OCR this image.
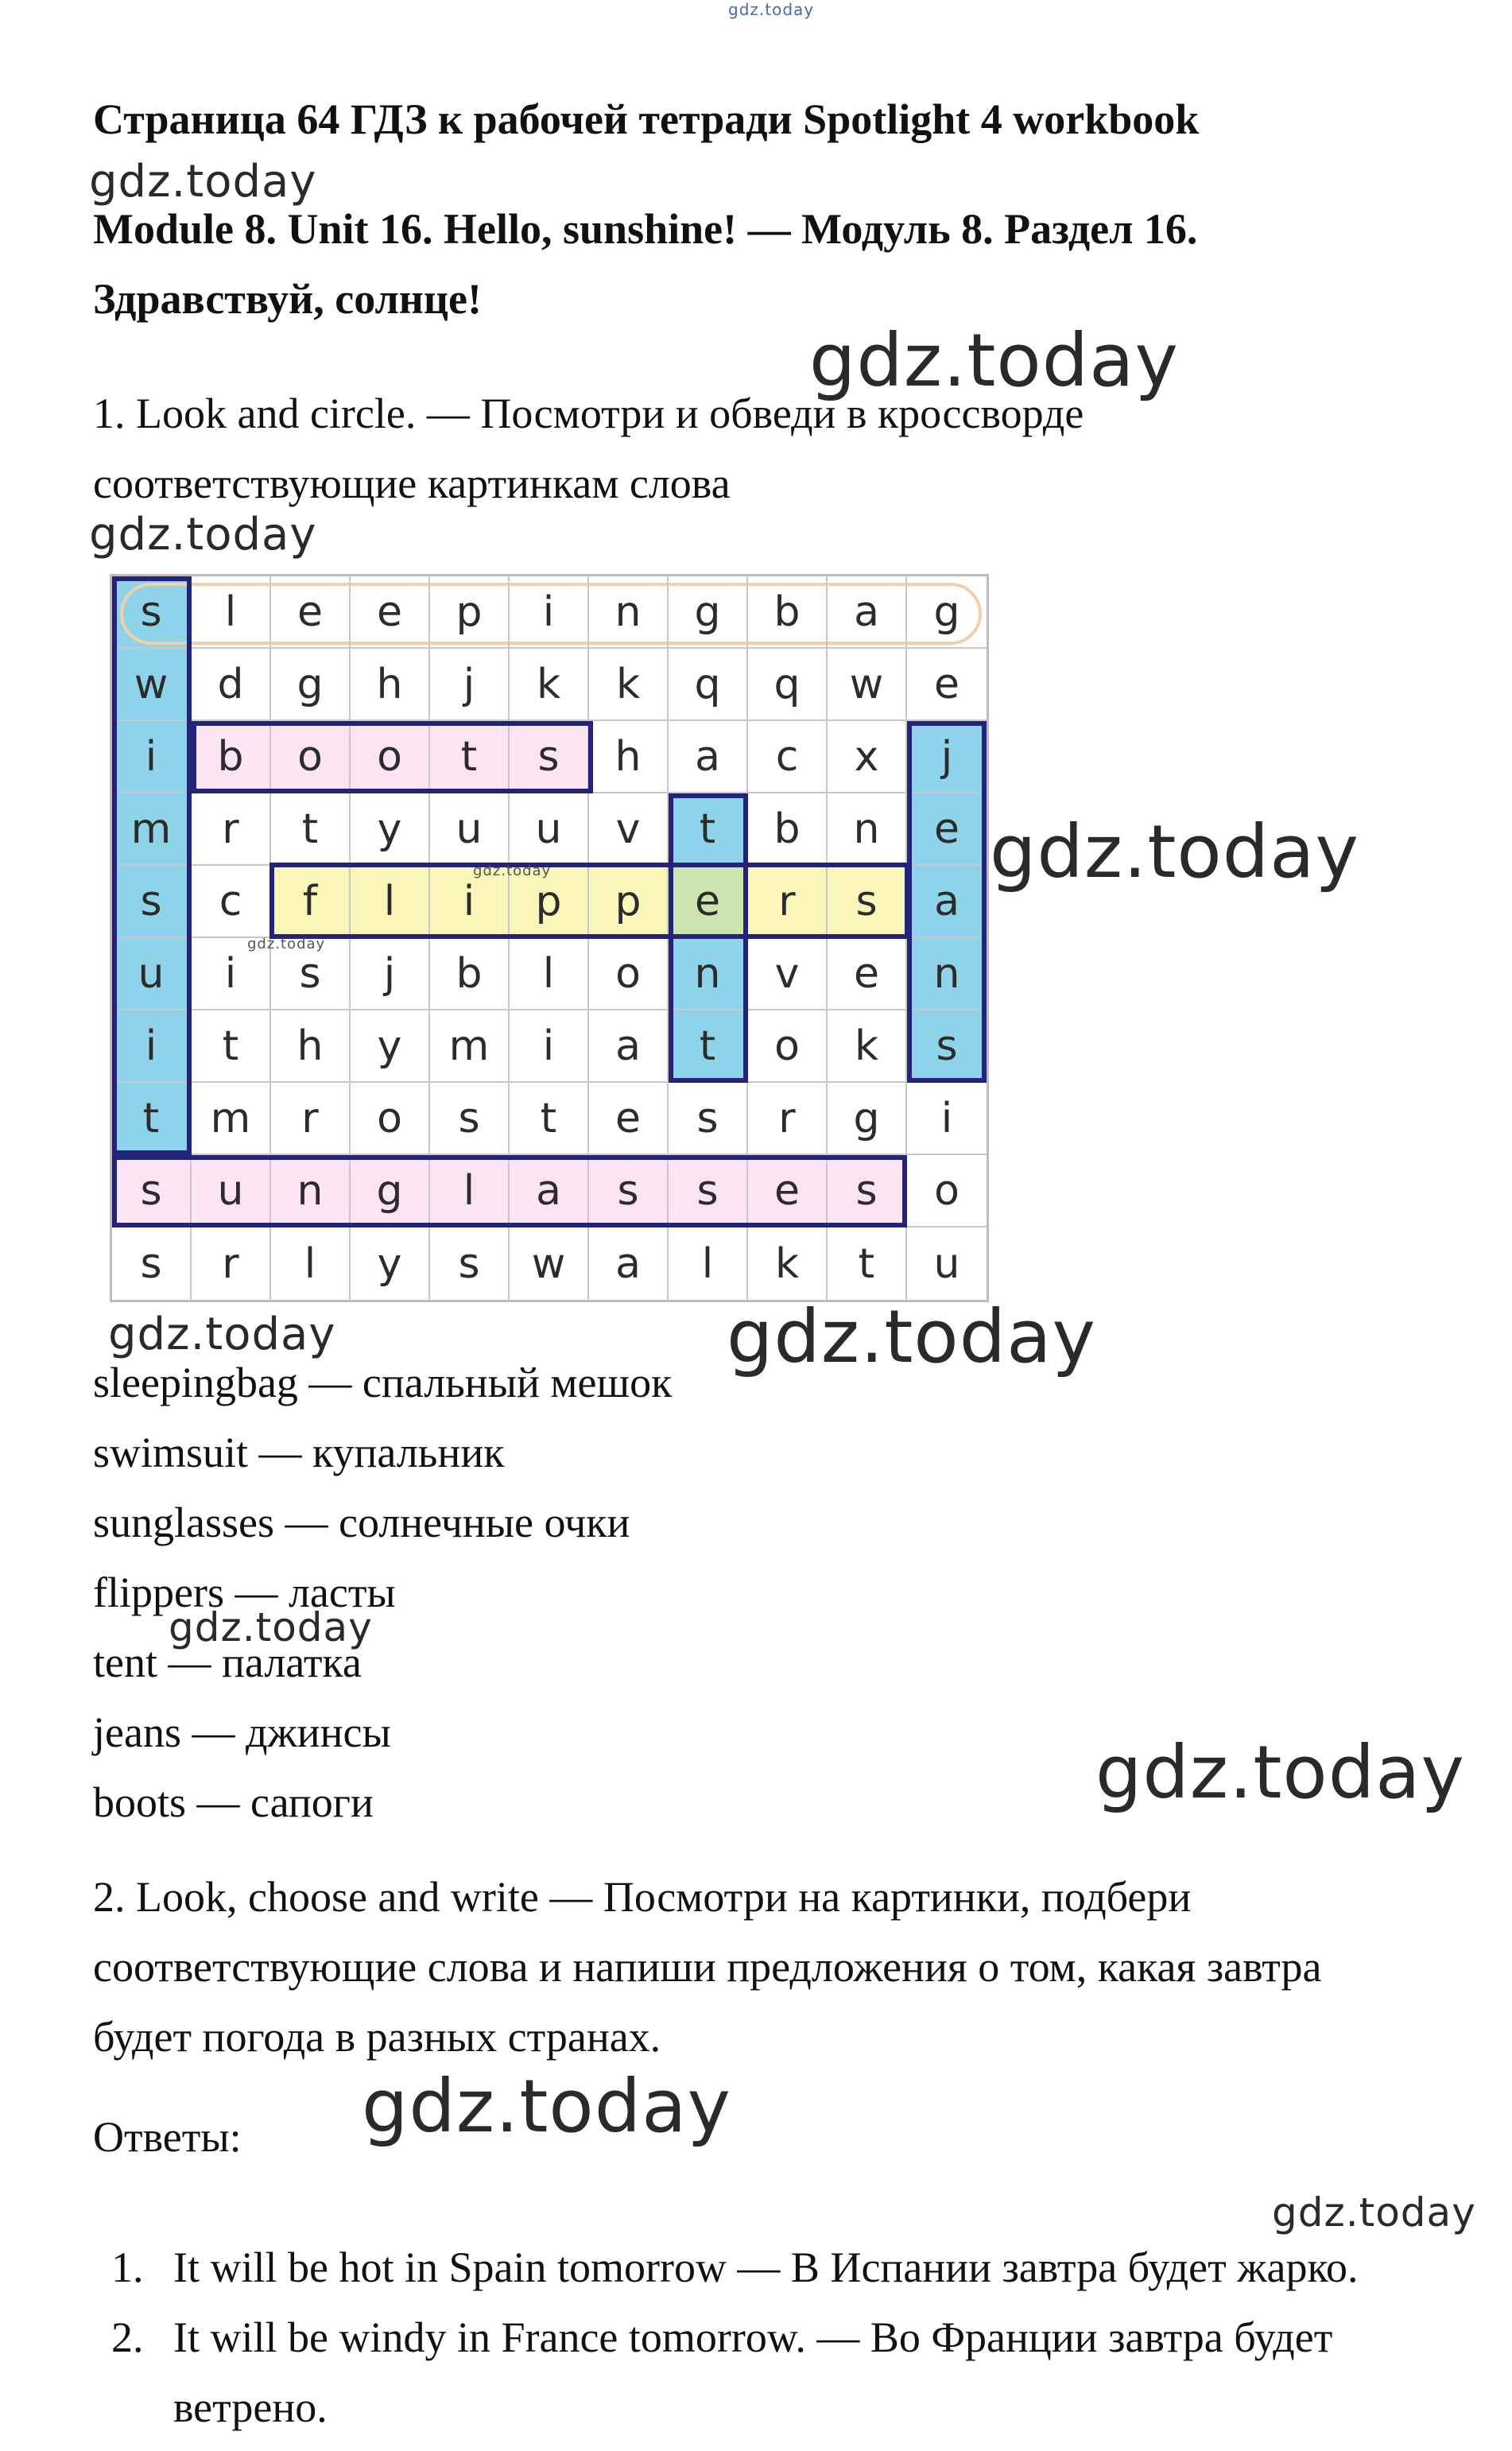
gdz.today
Страница 64 ГДЗ к рабочей тетради Spotlight 4 workbook
gdz.today
Module 8. Unit 16. Hello, sunshine! — Модуль 8. Раздел 16.
Здравствуй, солнце!
gdz.today
1. Look and circle. — Посмотри и обведи в кроссворде
соответствующие картинкам слова
gdz.today
s l e e p i n g b a g
w d g h j k k q q w e
i b o o t s h a c x j
m r t y u u v t b n e
s c f l i p p e r s a
u i s j b l o n v e n
i t h y m i a t o k s
t m r o s t e s r g i
s u n g l a s s e s o
s r l y s w a l k t u
gdz.today
gdz.today
gdz.today
gdz.today	gdz.today
sleepingbag — спальный мешок
swimsuit — купальник
sunglasses — солнечные очки
flippers — ласты
gdz.today
tent — палатка
jeans — джинсы
boots — сапоги	gdz.today
2. Look, choose and write — Посмотри на картинки, подбери
соответствующие слова и напиши предложения о том, какая завтра
будет погода в разных странах.
Ответы: gdz.today
gdz.today
1. It will be hot in Spain tomorrow — В Испании завтра будет жарко.
2. It will be windy in France tomorrow. — Во Франции завтра будет
ветрено.
